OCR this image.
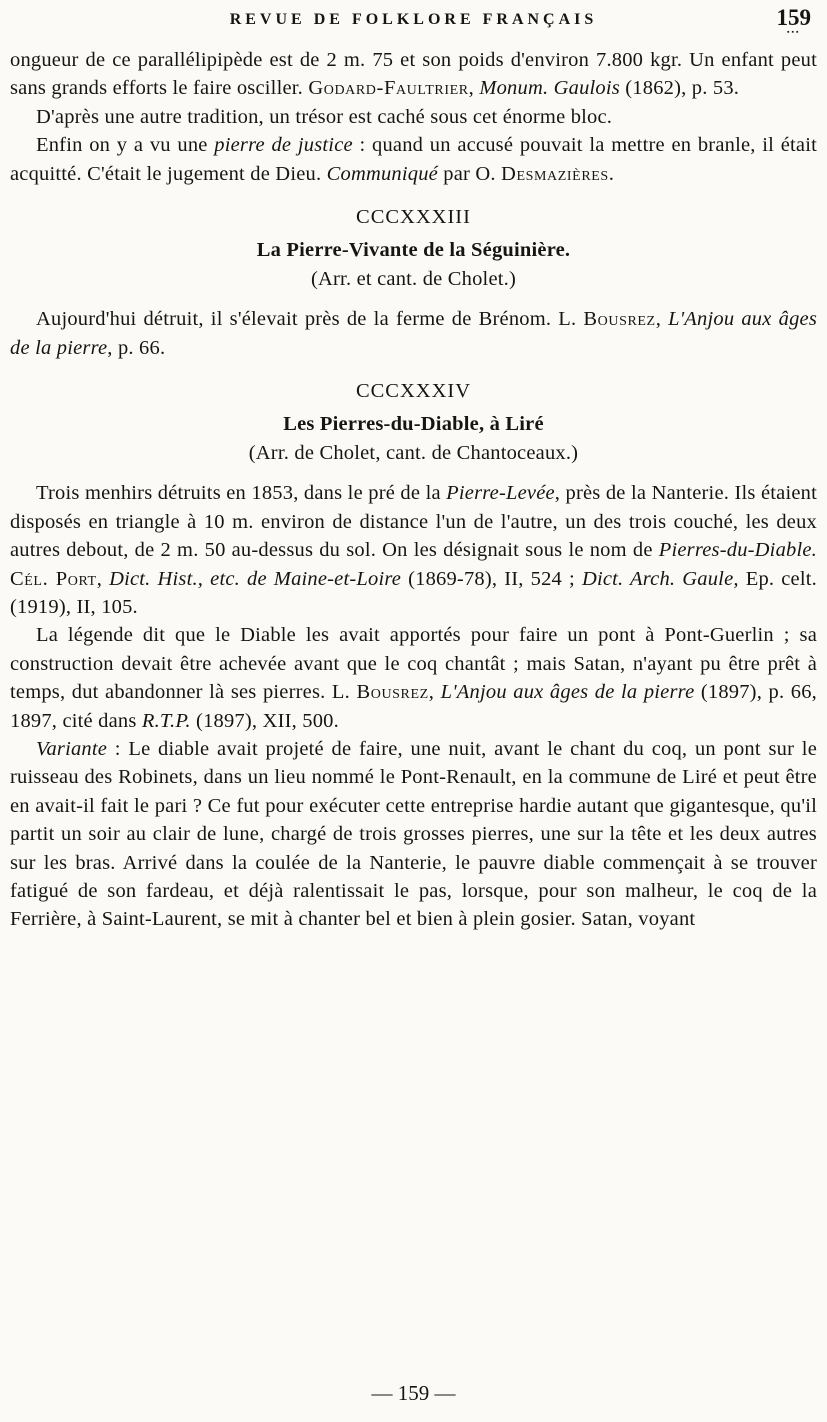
REVUE DE FOLKLORE FRANÇAIS	159
▪▪▪
ongueur de ce parallélipipède est de 2 m. 75 et son poids d'environ 7.800 kgr. Un enfant peut sans grands efforts le faire osciller. Godard-Faultrier, Monum. Gaulois (1862), p. 53.
D'après une autre tradition, un trésor est caché sous cet énorme bloc.
Enfin on y a vu une pierre de justice : quand un accusé pouvait la mettre en branle, il était acquitté. C'était le jugement de Dieu. Communiqué par O. Desmazières.
CCCXXXIII
La Pierre-Vivante de la Séguinière.
(Arr. et cant. de Cholet.)
Aujourd'hui détruit, il s'élevait près de la ferme de Brénom. L. Bousrez, L'Anjou aux âges de la pierre, p. 66.
CCCXXXIV
Les Pierres-du-Diable, à Liré
(Arr. de Cholet, cant. de Chantoceaux.)
Trois menhirs détruits en 1853, dans le pré de la Pierre-Levée, près de la Nanterie. Ils étaient disposés en triangle à 10 m. environ de distance l'un de l'autre, un des trois couché, les deux autres debout, de 2 m. 50 au-dessus du sol. On les désignait sous le nom de Pierres-du-Diable. Cél. Port, Dict. Hist., etc. de Maine-et-Loire (1869-78), II, 524 ; Dict. Arch. Gaule, Ep. celt. (1919), II, 105.
La légende dit que le Diable les avait apportés pour faire un pont à Pont-Guerlin ; sa construction devait être achevée avant que le coq chantât ; mais Satan, n'ayant pu être prêt à temps, dut abandonner là ses pierres. L. Bousrez, L'Anjou aux âges de la pierre (1897), p. 66, 1897, cité dans R.T.P. (1897), XII, 500.
Variante : Le diable avait projeté de faire, une nuit, avant le chant du coq, un pont sur le ruisseau des Robinets, dans un lieu nommé le Pont-Renault, en la commune de Liré et peut être en avait-il fait le pari ? Ce fut pour exécuter cette entreprise hardie autant que gigantesque, qu'il partit un soir au clair de lune, chargé de trois grosses pierres, une sur la tête et les deux autres sur les bras. Arrivé dans la coulée de la Nanterie, le pauvre diable commençait à se trouver fatigué de son fardeau, et déjà ralentissait le pas, lorsque, pour son malheur, le coq de la Ferrière, à Saint-Laurent, se mit à chanter bel et bien à plein gosier. Satan, voyant
— 159 —
